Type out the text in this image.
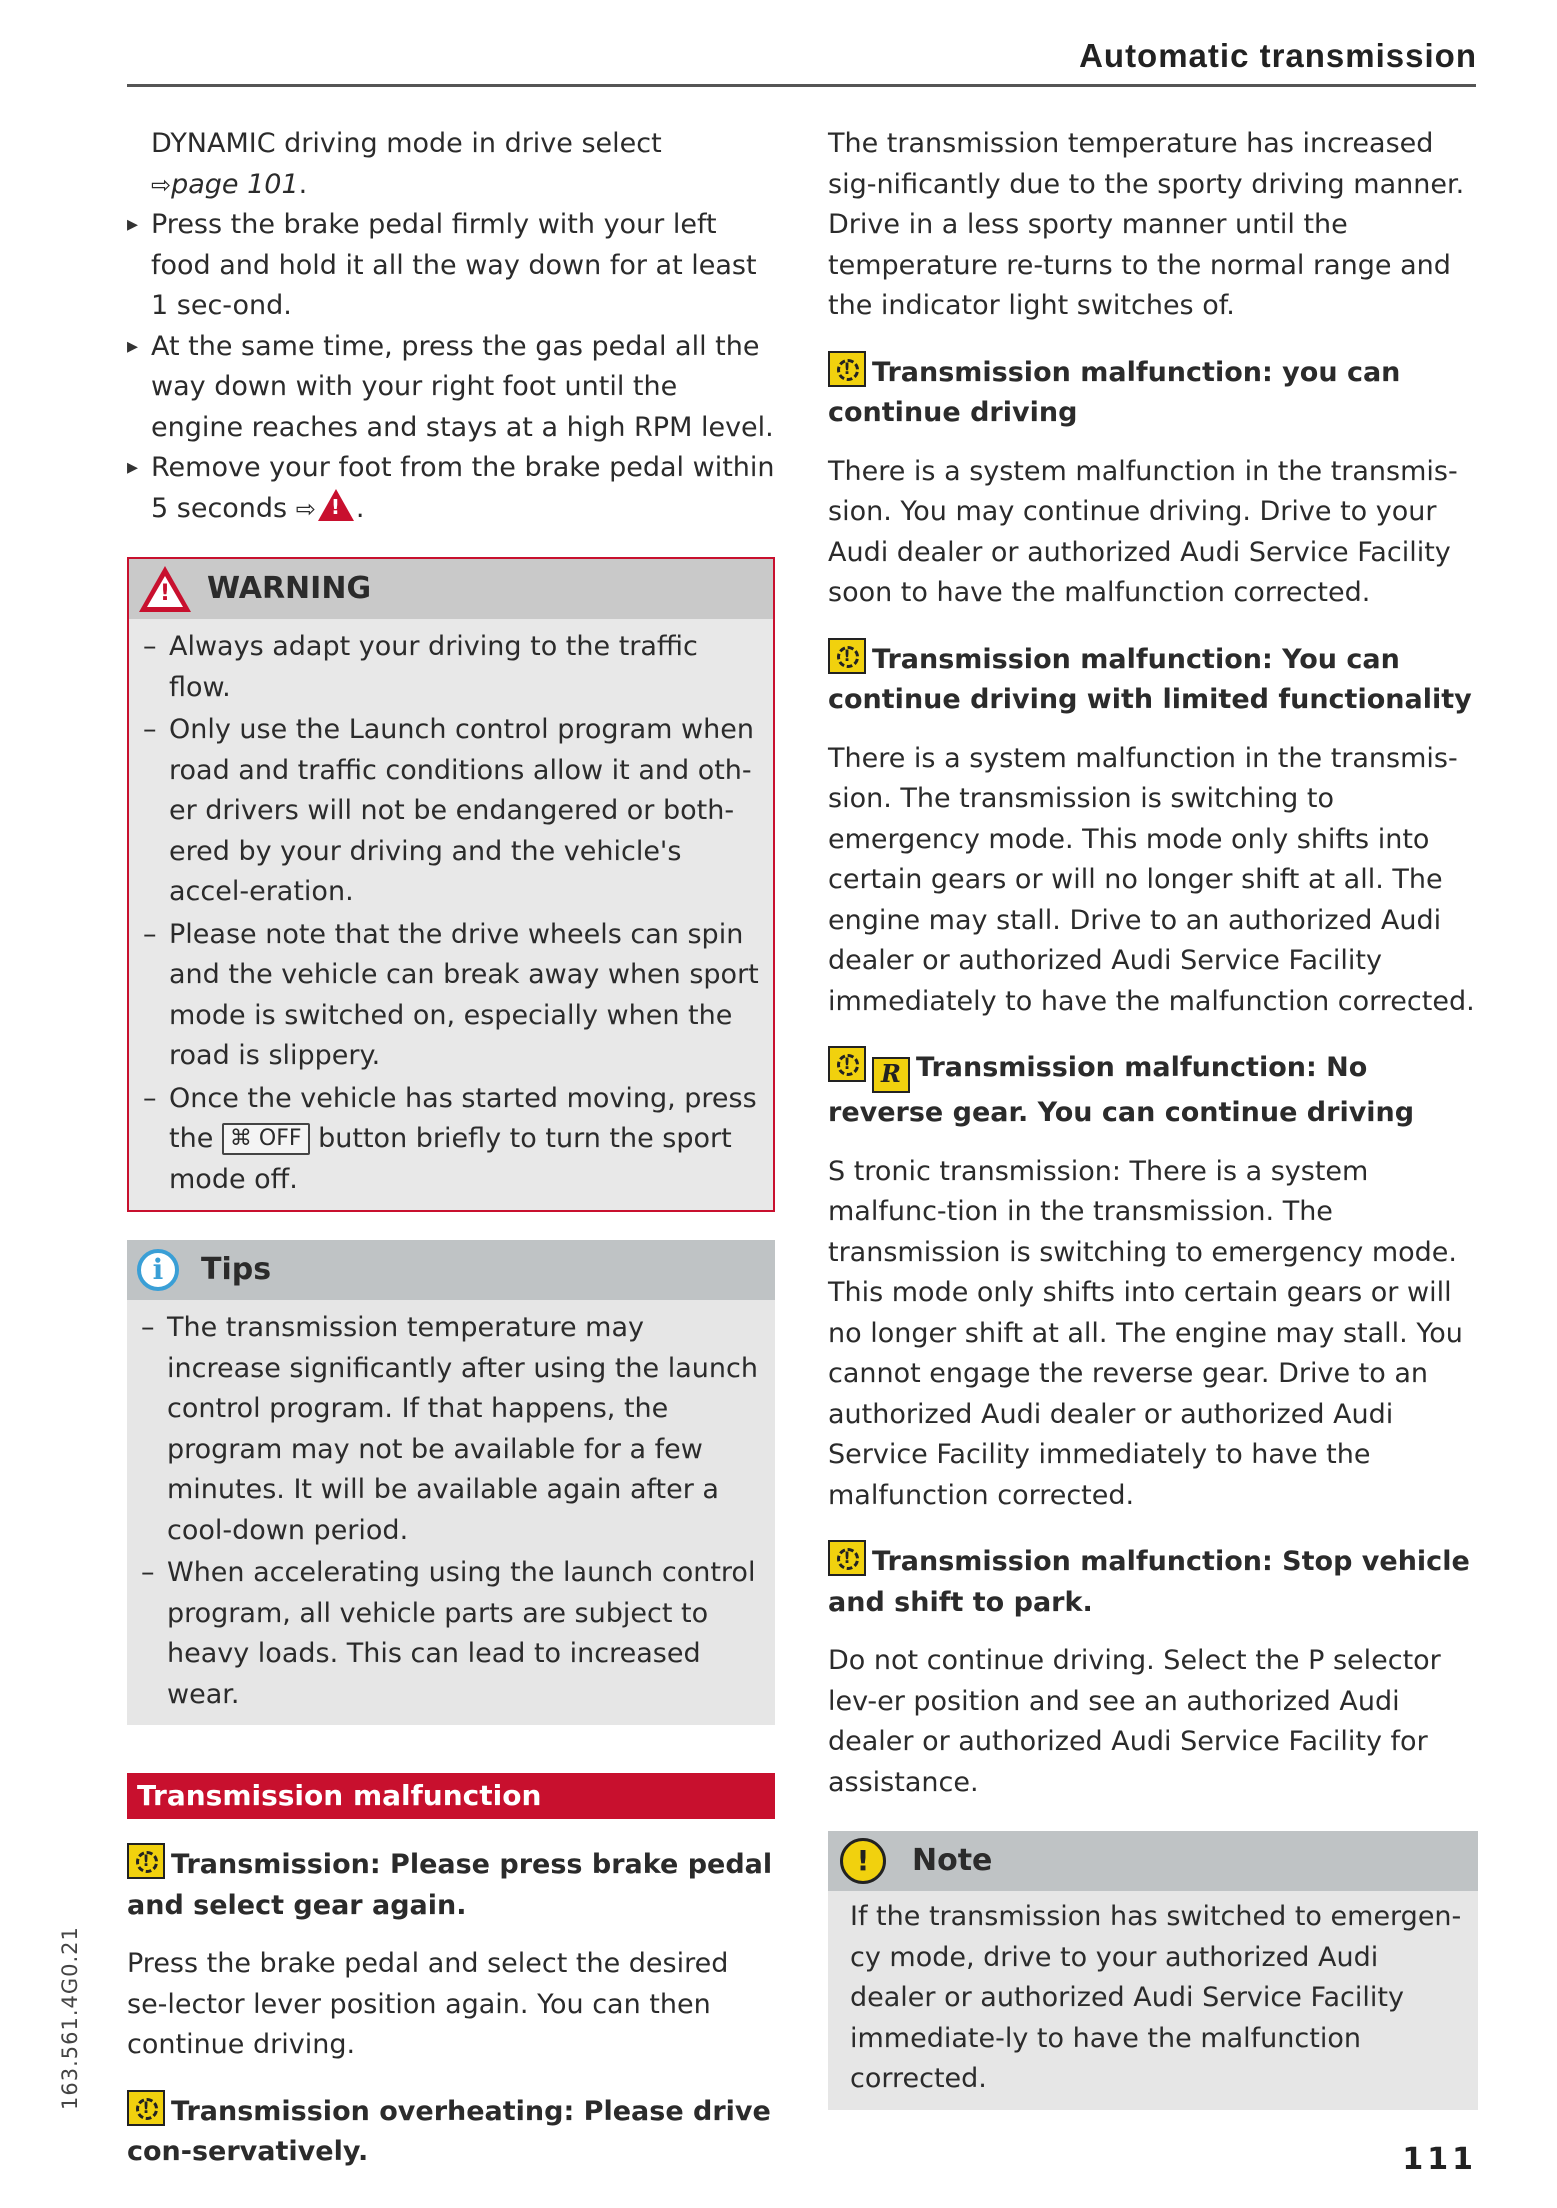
Automatic transmission

DYNAMIC driving mode in drive select
⇨page 101.

▸ Press the brake pedal firmly with your left food and hold it all the way down for at least 1 sec-ond.

▸ At the same time, press the gas pedal all the way down with your right foot until the engine reaches and stays at a high RPM level.

▸ Remove your foot from the brake pedal within 5 seconds ⇨! .

!
WARNING

– Always adapt your driving to the traffic flow.

– Only use the Launch control program when road and traffic conditions allow it and oth-er drivers will not be endangered or both-ered by your driving and the vehicle's accel-eration.

– Please note that the drive wheels can spin and the vehicle can break away when sport mode is switched on, especially when the road is slippery.

– Once the vehicle has started moving, press the ⌘ OFF button briefly to turn the sport mode off.

i	Tips

– The transmission temperature may increase significantly after using the launch control program. If that happens, the program may not be available for a few minutes. It will be available again after a cool-down period.

– When accelerating using the launch control program, all vehicle parts are subject to heavy loads. This can lead to increased wear.

Transmission malfunction

!Transmission: Please press brake pedal and select gear again.

Press the brake pedal and select the desired se-lector lever position again. You can then continue driving.

!Transmission overheating: Please drive con-servatively.

The transmission temperature has increased sig-nificantly due to the sporty driving manner. Drive in a less sporty manner until the temperature re-turns to the normal range and the indicator light switches of.

!Transmission malfunction: you can continue driving

There is a system malfunction in the transmis-sion. You may continue driving. Drive to your Audi dealer or authorized Audi Service Facility soon to have the malfunction corrected.

!Transmission malfunction: You can continue driving with limited functionality

There is a system malfunction in the transmis-sion. The transmission is switching to emergency mode. This mode only shifts into certain gears or will no longer shift at all. The engine may stall. Drive to an authorized Audi dealer or authorized Audi Service Facility immediately to have the malfunction corrected.

!R Transmission malfunction: No reverse gear. You can continue driving

S tronic transmission: There is a system malfunc-tion in the transmission. The transmission is switching to emergency mode. This mode only shifts into certain gears or will no longer shift at all. The engine may stall. You cannot engage the reverse gear. Drive to an authorized Audi dealer or authorized Audi Service Facility immediately to have the malfunction corrected.

!Transmission malfunction: Stop vehicle and shift to park.

Do not continue driving. Select the P selector lev-er position and see an authorized Audi dealer or authorized Audi Service Facility for assistance.

!	Note

If the transmission has switched to emergen-cy mode, drive to your authorized Audi dealer or authorized Audi Service Facility immediate-ly to have the malfunction corrected.

163.561.4G0.21
111
